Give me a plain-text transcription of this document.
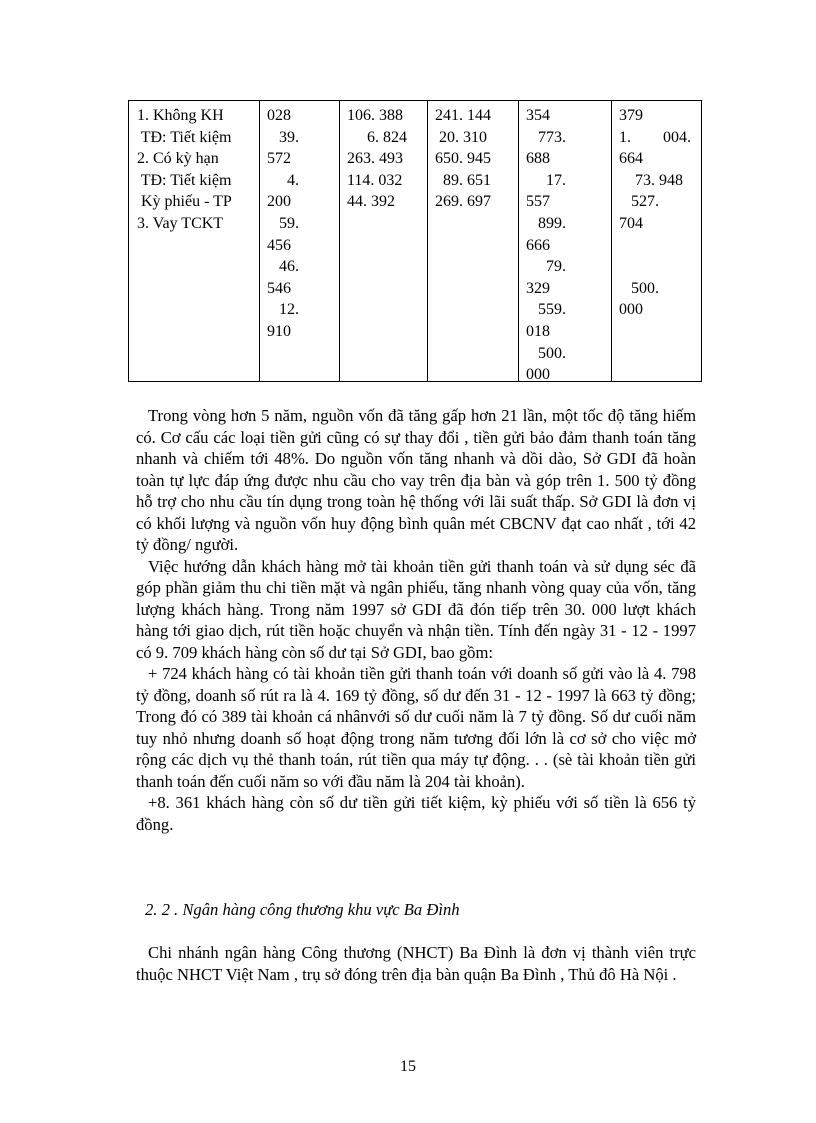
1. Không KH
TĐ: Tiết kiệm
2. Có kỳ hạn
TĐ: Tiết kiệm
Kỳ phiếu - TP
3. Vay TCKT
028
39.
572
4.
200
59.
456
46.
546
12.
910
106. 388
6. 824
263. 493
114. 032
44. 392
241. 144
20. 310
650. 945
89. 651
269. 697
354
773.
688
17.
557
899.
666
79.
329
559.
018
500.
000
379
1.        004.
664
73. 948
527.
704

500.
000

Trong vòng hơn 5 năm, nguồn vốn đã tăng gấp hơn 21 lần, một tốc độ tăng hiếm có. Cơ cấu các loại tiền gửi cũng có sự thay đổi , tiền gửi bảo đảm thanh toán tăng nhanh và chiếm tới 48%. Do nguồn vốn tăng nhanh và dồi dào, Sở GDI đã hoàn toàn tự lực đáp ứng được nhu cầu cho vay trên địa bàn và góp trên 1. 500 tỷ đồng hỗ trợ cho nhu cầu tín dụng trong toàn hệ thống với lãi suất thấp. Sở GDI là đơn vị có khối lượng và nguồn vốn huy động bình quân mét CBCNV đạt cao nhất , tới 42 tỷ đồng/ người.

Việc hướng dẫn khách hàng mở tài khoản tiền gửi thanh toán và sử dụng séc đã góp phần giảm thu chi tiền mặt và ngân phiếu, tăng nhanh vòng quay của vốn, tăng lượng khách hàng. Trong năm 1997 sở GDI đã đón tiếp trên 30. 000 lượt khách hàng tới giao dịch, rút tiền hoặc chuyển và nhận tiền. Tính đến ngày 31 - 12 - 1997 có 9. 709 khách hàng còn số dư tại Sở GDI, bao gồm:

+ 724 khách hàng có tài khoản tiền gửi thanh toán với doanh số gửi vào là 4. 798 tỷ đồng, doanh số rút ra là 4. 169 tỷ đồng, số dư đến 31 - 12 - 1997 là 663 tỷ đồng; Trong đó có 389 tài khoản cá nhânvới số dư cuối năm là 7 tỷ đồng. Số dư cuối năm tuy nhỏ nhưng doanh số hoạt động trong năm tương đối lớn là cơ sở cho việc mở rộng các dịch vụ thẻ thanh toán, rút tiền qua máy tự động. . . (sè tài khoản tiền gửi thanh toán đến cuối năm so với đầu năm là 204 tài khoản).

+8. 361 khách hàng còn số dư tiền gửi tiết kiệm, kỳ phiếu với số tiền là 656 tỷ đồng.

2. 2 . Ngân hàng công thương khu vực Ba Đình

Chi nhánh ngân hàng Công thương (NHCT) Ba Đình là đơn vị thành viên trực thuộc NHCT Việt Nam , trụ sở đóng trên địa bàn quận Ba Đình , Thủ đô Hà Nội .

15
